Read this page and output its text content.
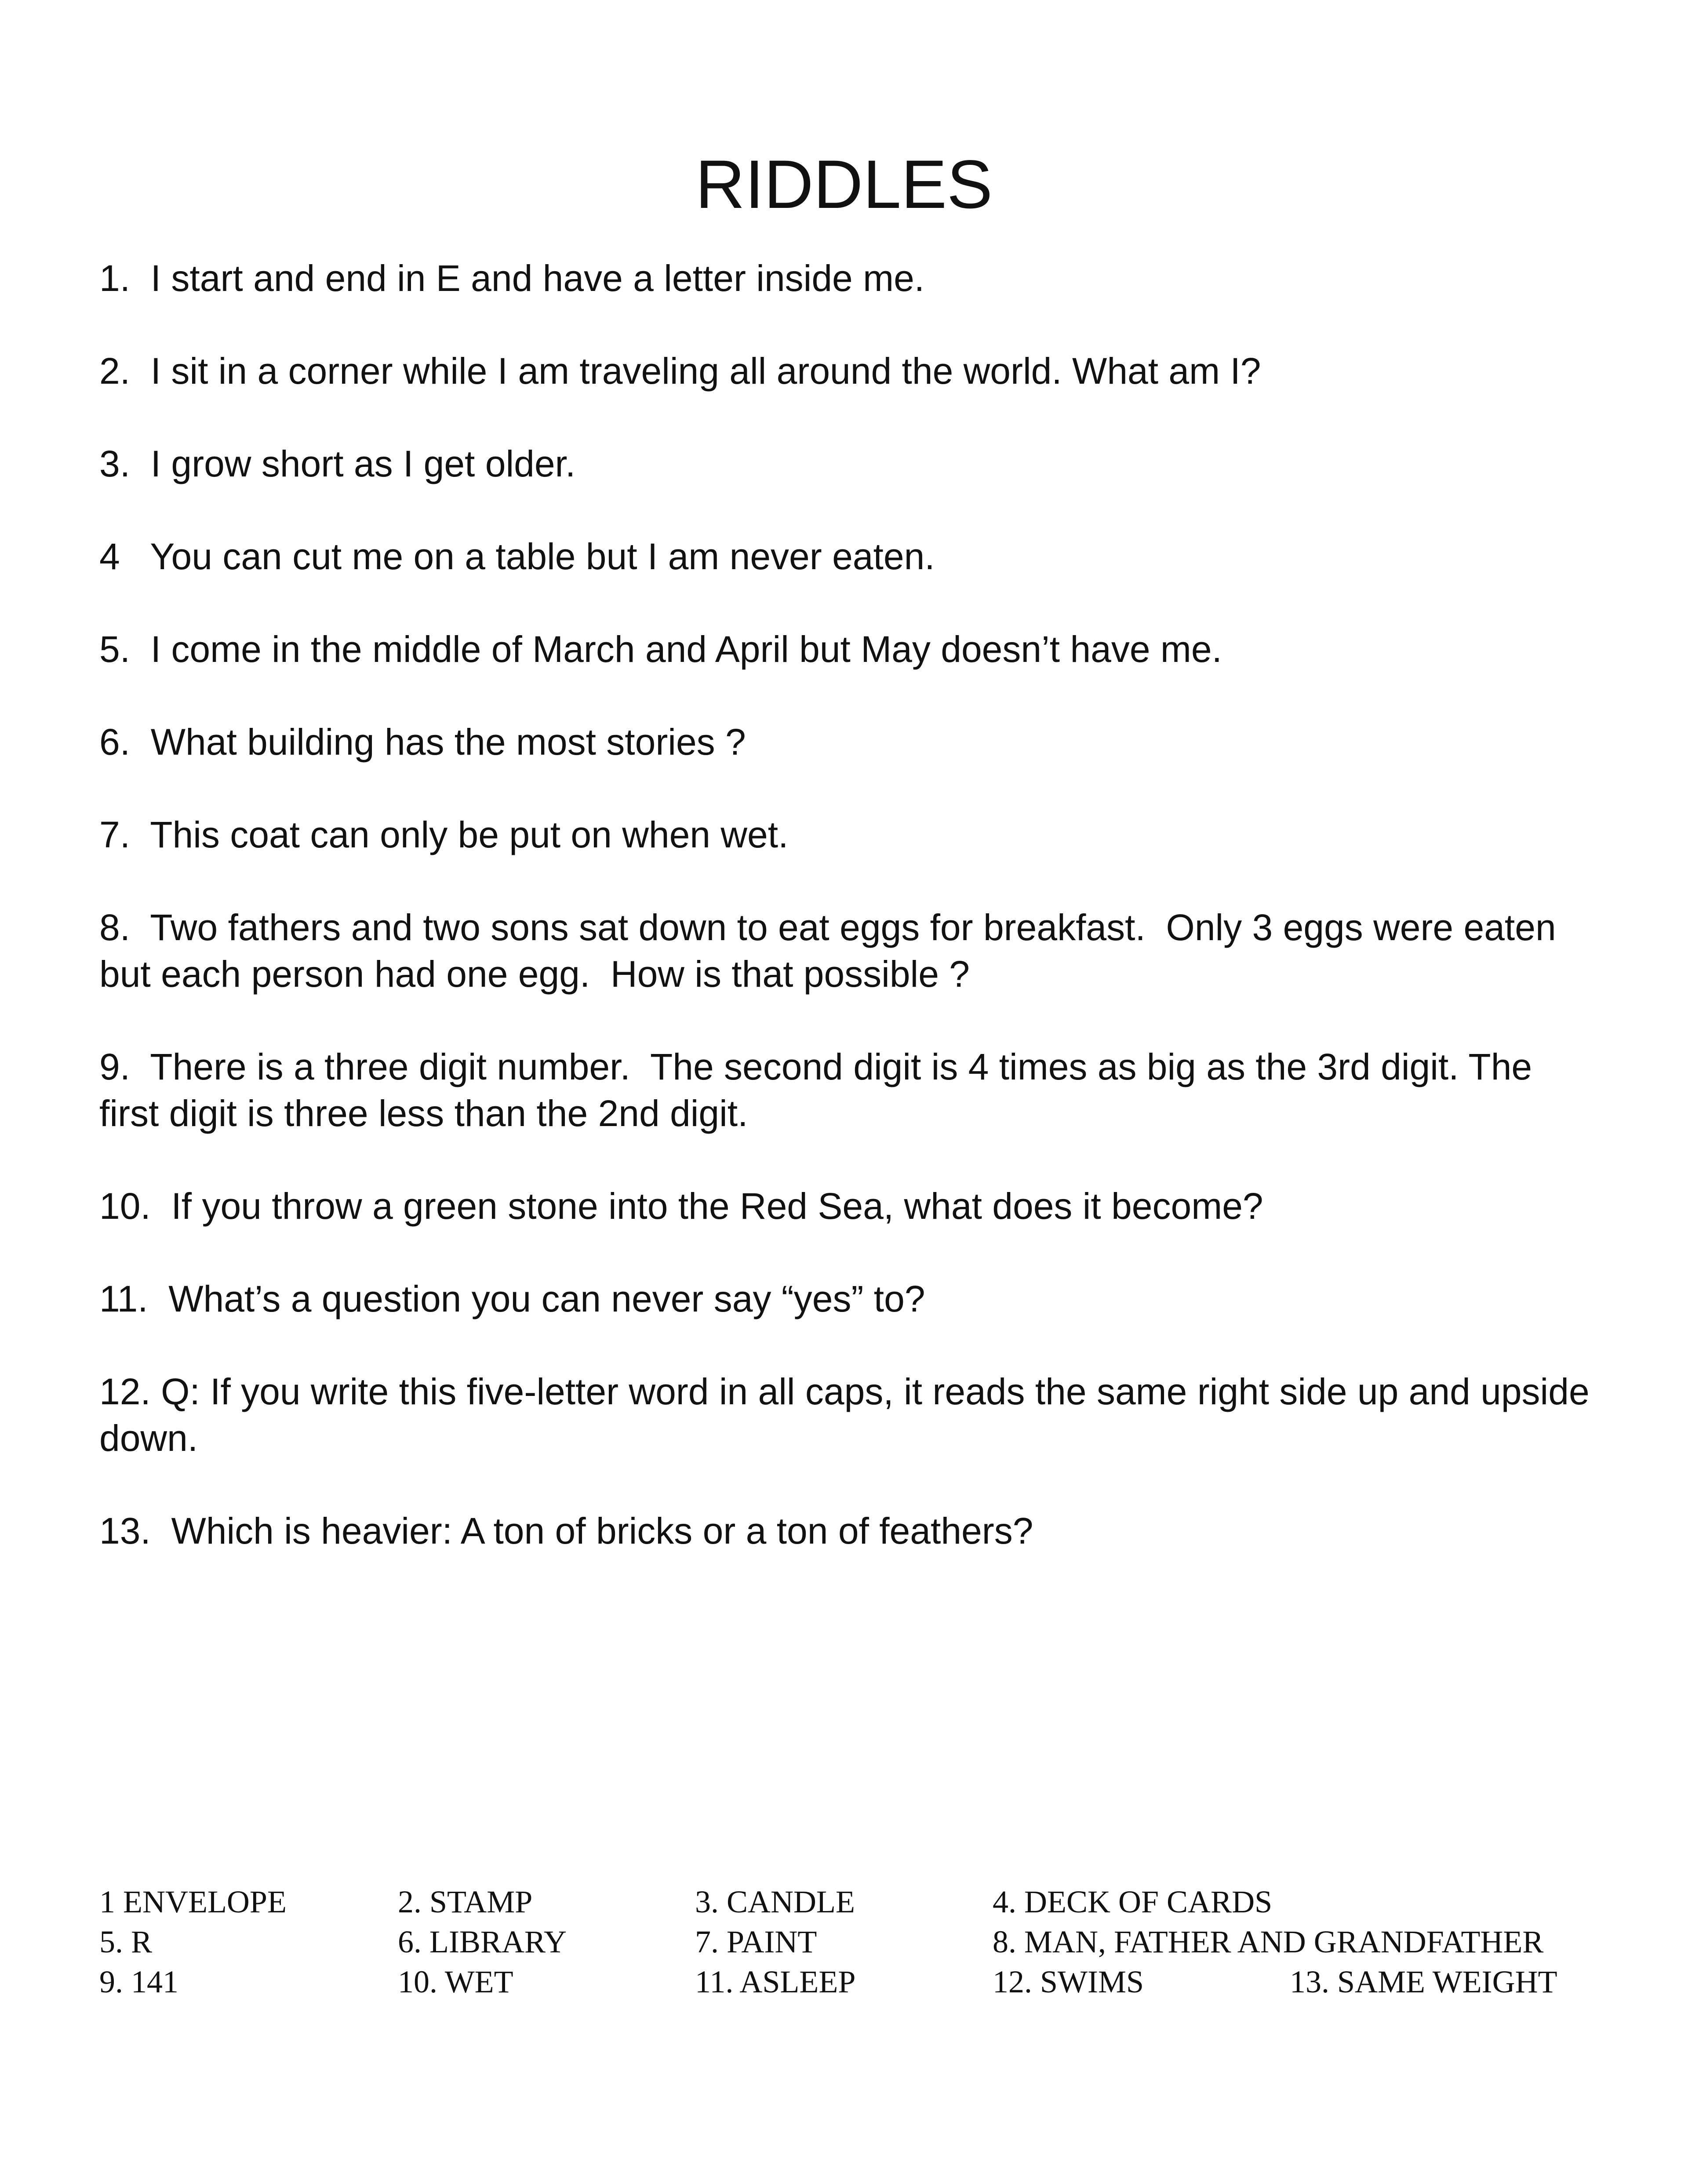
RIDDLES
1.  I start and end in E and have a letter inside me.
2.  I sit in a corner while I am traveling all around the world. What am I?
3.  I grow short as I get older.
4   You can cut me on a table but I am never eaten.
5.  I come in the middle of March and April but May doesn’t have me.
6.  What building has the most stories ?
7.  This coat can only be put on when wet.
8.  Two fathers and two sons sat down to eat eggs for breakfast.  Only 3 eggs were eaten but each person had one egg.  How is that possible ?
9.  There is a three digit number.  The second digit is 4 times as big as the 3rd digit. The first digit is three less than the 2nd digit.
10.  If you throw a green stone into the Red Sea, what does it become?
11.  What’s a question you can never say “yes” to?
12. Q: If you write this five-letter word in all caps, it reads the same right side up and upside down.
13.  Which is heavier: A ton of bricks or a ton of feathers?
1 ENVELOPE	2. STAMP	3. CANDLE	4. DECK OF CARDS
5. R	6. LIBRARY	7. PAINT	8. MAN, FATHER AND GRANDFATHER
9. 141	10. WET	11. ASLEEP	12. SWIMS	13. SAME WEIGHT
